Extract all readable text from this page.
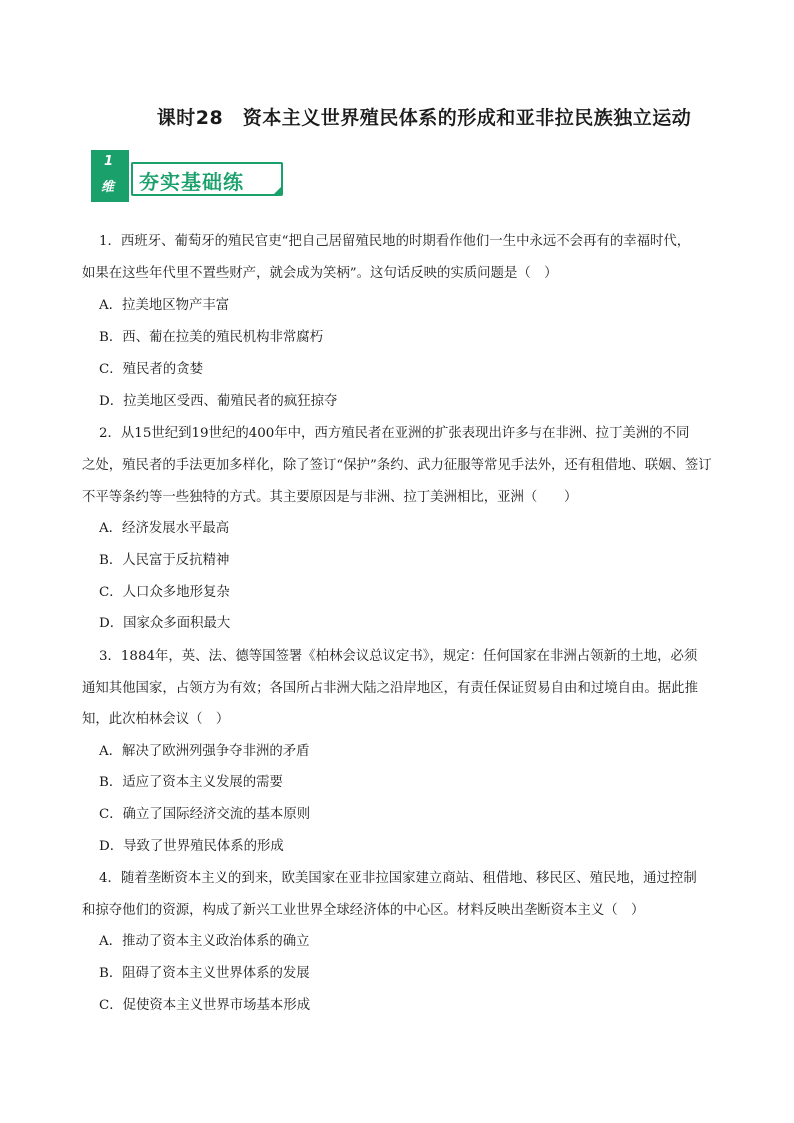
课时28　资本主义世界殖民体系的形成和亚非拉民族独立运动
1
维 夯实基础练
1．西班牙、葡萄牙的殖民官吏“把自己居留殖民地的时期看作他们一生中永远不会再有的幸福时代，
如果在这些年代里不置些财产，就会成为笑柄”。这句话反映的实质问题是（　）
A．拉美地区物产丰富
B．西、葡在拉美的殖民机构非常腐朽
C．殖民者的贪婪
D．拉美地区受西、葡殖民者的疯狂掠夺
2．从15世纪到19世纪的400年中，西方殖民者在亚洲的扩张表现出许多与在非洲、拉丁美洲的不同
之处，殖民者的手法更加多样化，除了签订“保护”条约、武力征服等常见手法外，还有租借地、联姻、签订
不平等条约等一些独特的方式。其主要原因是与非洲、拉丁美洲相比，亚洲（　　）
A．经济发展水平最高
B．人民富于反抗精神
C．人口众多地形复杂
D．国家众多面积最大
3．1884年，英、法、德等国签署《柏林会议总议定书》，规定：任何国家在非洲占领新的土地，必须
通知其他国家，占领方为有效；各国所占非洲大陆之沿岸地区，有责任保证贸易自由和过境自由。据此推
知，此次柏林会议（　）
A．解决了欧洲列强争夺非洲的矛盾
B．适应了资本主义发展的需要
C．确立了国际经济交流的基本原则
D．导致了世界殖民体系的形成
4．随着垄断资本主义的到来，欧美国家在亚非拉国家建立商站、租借地、移民区、殖民地，通过控制
和掠夺他们的资源，构成了新兴工业世界全球经济体的中心区。材料反映出垄断资本主义（　）
A．推动了资本主义政治体系的确立
B．阻碍了资本主义世界体系的发展
C．促使资本主义世界市场基本形成
